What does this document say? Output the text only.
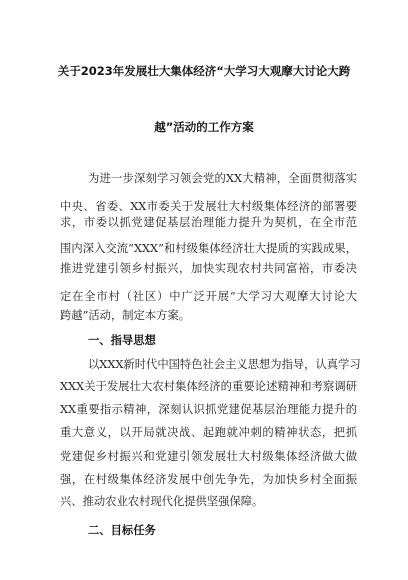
关于2023年发展壮大集体经济“大学习大观摩大讨论大跨
越”活动的工作方案
为进一步深刻学习领会党的XX大精神，全面贯彻落实
中央、省委、XX市委关于发展壮大村级集体经济的部署要
求，市委以抓党建促基层治理能力提升为契机，在全市范
围内深入交流“XXX”和村级集体经济壮大提质的实践成果，
推进党建引领乡村振兴，加快实现农村共同富裕，市委决
定在全市村（社区）中广泛开展“大学习大观摩大讨论大
跨越”活动，制定本方案。
一、指导思想
以XXX新时代中国特色社会主义思想为指导，认真学习
XXX关于发展壮大农村集体经济的重要论述精神和考察调研
XX重要指示精神，深刻认识抓党建促基层治理能力提升的
重大意义，以开局就决战、起跑就冲刺的精神状态，把抓
党建促乡村振兴和党建引领发展壮大村级集体经济做大做
强，在村级集体经济发展中创先争先，为加快乡村全面振
兴、推动农业农村现代化提供坚强保障。
二、目标任务
